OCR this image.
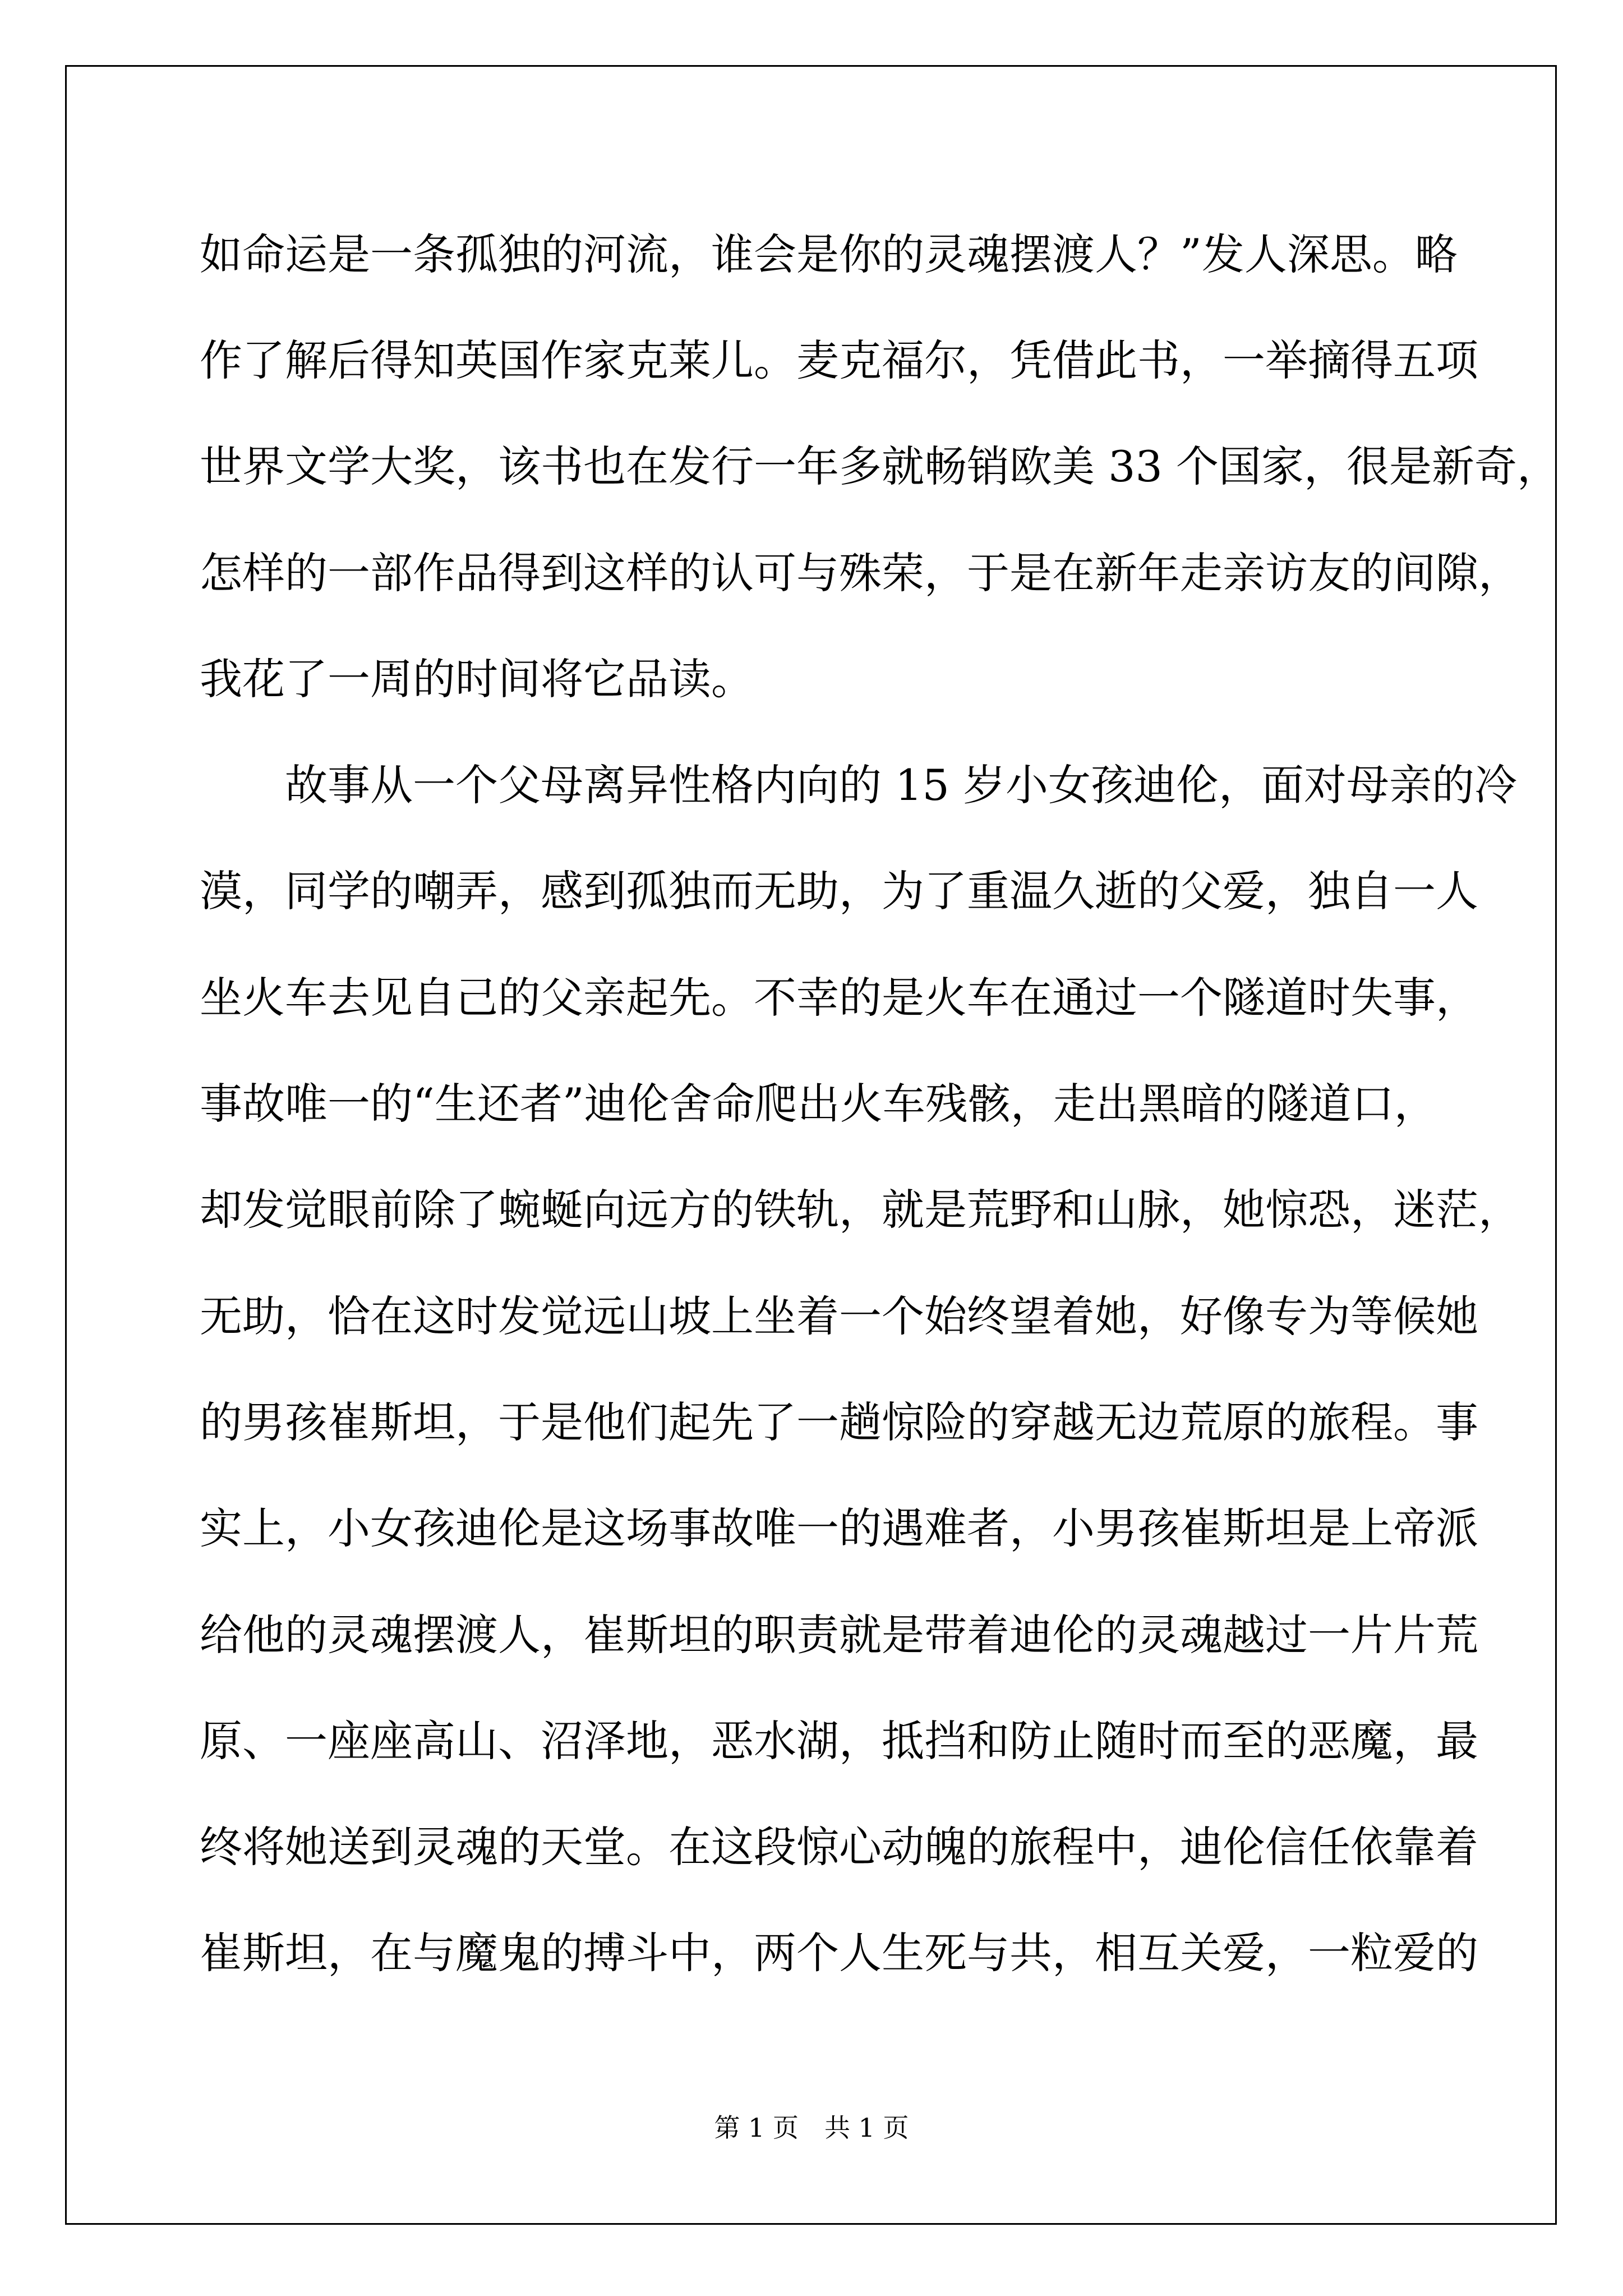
如命运是一条孤独的河流，谁会是你的灵魂摆渡人？”发人深思。略
作了解后得知英国作家克莱儿。麦克福尔，凭借此书，一举摘得五项
世界文学大奖，该书也在发行一年多就畅销欧美 33 个国家，很是新奇，
怎样的一部作品得到这样的认可与殊荣，于是在新年走亲访友的间隙，
我花了一周的时间将它品读。
故事从一个父母离异性格内向的 15 岁小女孩迪伦，面对母亲的冷
漠，同学的嘲弄，感到孤独而无助，为了重温久逝的父爱，独自一人
坐火车去见自己的父亲起先。不幸的是火车在通过一个隧道时失事，
事故唯一的“生还者”迪伦舍命爬出火车残骸，走出黑暗的隧道口，
却发觉眼前除了蜿蜒向远方的铁轨，就是荒野和山脉，她惊恐，迷茫，
无助，恰在这时发觉远山坡上坐着一个始终望着她，好像专为等候她
的男孩崔斯坦，于是他们起先了一趟惊险的穿越无边荒原的旅程。事
实上，小女孩迪伦是这场事故唯一的遇难者，小男孩崔斯坦是上帝派
给他的灵魂摆渡人，崔斯坦的职责就是带着迪伦的灵魂越过一片片荒
原、一座座高山、沼泽地，恶水湖，抵挡和防止随时而至的恶魔，最
终将她送到灵魂的天堂。在这段惊心动魄的旅程中，迪伦信任依靠着
崔斯坦，在与魔鬼的搏斗中，两个人生死与共，相互关爱，一粒爱的
第 1 页　共 1 页
